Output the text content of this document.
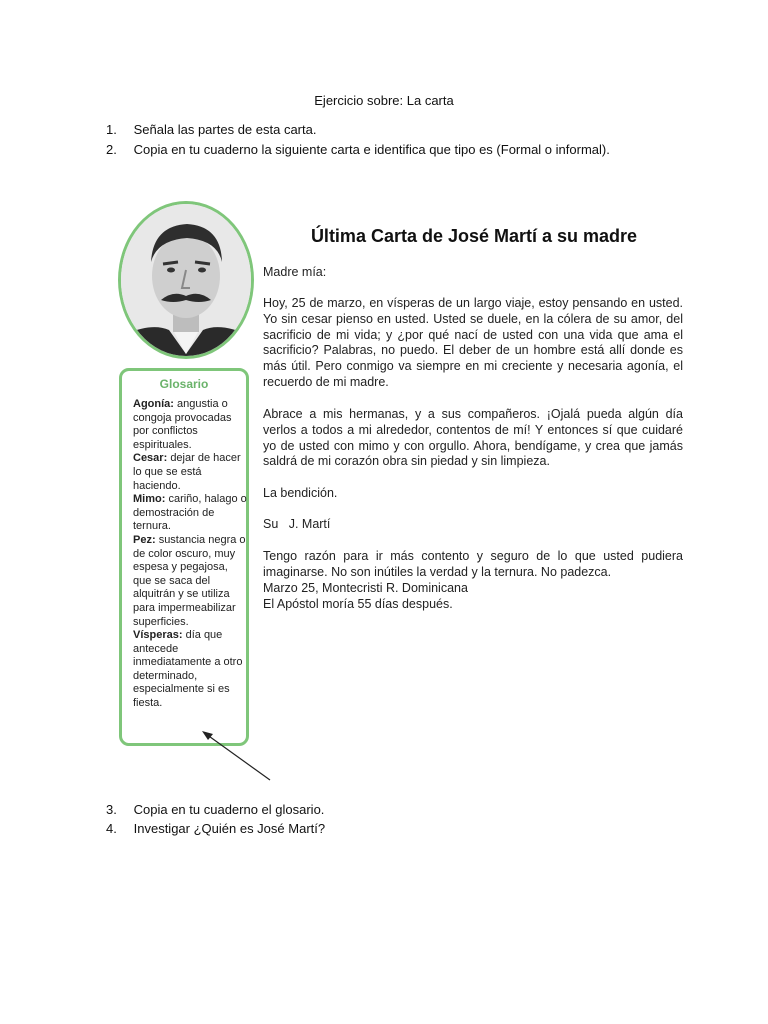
Ejercicio sobre: La carta
1. Señala las partes de esta carta.
2. Copia en tu cuaderno la siguiente carta e identifica que tipo es (Formal o informal).
Glosario

Agonía: angustia o congoja provocadas por conflictos espirituales.

Cesar: dejar de hacer lo que se está haciendo.

Mimo: cariño, halago o demostración de ternura.

Pez: sustancia negra o de color oscuro, muy espesa y pegajosa, que se saca del alquitrán y se utiliza para impermeabilizar superficies.

Vísperas: día que antecede inmediatamente a otro determinado, especialmente si es fiesta.

Última Carta de José Martí a su madre
Madre mía:
Hoy, 25 de marzo, en vísperas de un largo viaje, estoy pensando en usted. Yo sin cesar pienso en usted. Usted se duele, en la cólera de su amor, del sacrificio de mi vida; y ¿por qué nací de usted con una vida que ama el sacrificio? Palabras, no puedo. El deber de un hombre está allí donde es más útil. Pero conmigo va siempre en mi creciente y necesaria agonía, el recuerdo de mi madre.
Abrace a mis hermanas, y a sus compañeros. ¡Ojalá pueda algún día verlos a todos a mi alrededor, contentos de mí! Y entonces sí que cuidaré yo de usted con mimo y con orgullo. Ahora, bendígame, y crea que jamás saldrá de mi corazón obra sin piedad y sin limpieza.
La bendición.
Su   J. Martí
Tengo razón para ir más contento y seguro de lo que usted pudiera imaginarse. No son inútiles la verdad y la ternura. No padezca.
Marzo 25, Montecristi R. Dominicana
El Apóstol moría 55 días después.
3. Copia en tu cuaderno el glosario.
4. Investigar ¿Quién es José Martí?
